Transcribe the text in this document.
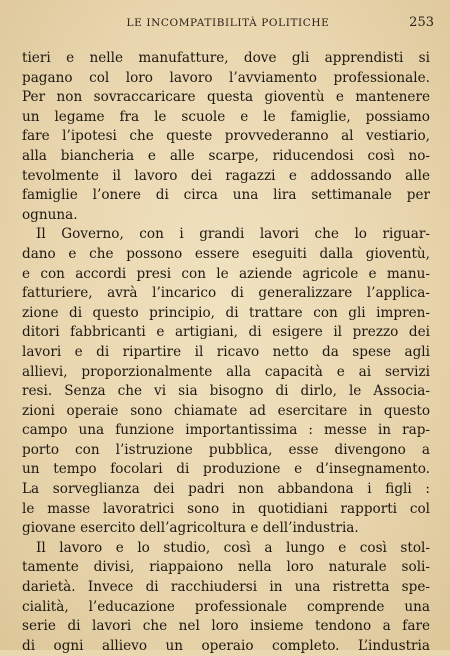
LE INCOMPATIBILITÀ POLITICHE	253
tieri e nelle manufatture, dove gli apprendisti si
pagano col loro lavoro l’avviamento professionale.
Per non sovraccaricare questa gioventù e mantenere
un legame fra le scuole e le famiglie, possiamo
fare l’ipotesi che queste provvederanno al vestiario,
alla biancheria e alle scarpe, riducendosi così no-
tevolmente il lavoro dei ragazzi e addossando alle
famiglie l’onere di circa una lira settimanale per
ognuna.
Il Governo, con i grandi lavori che lo riguar-
dano e che possono essere eseguiti dalla gioventù,
e con accordi presi con le aziende agricole e manu-
fatturiere, avrà l’incarico di generalizzare l’applica-
zione di questo principio, di trattare con gli impren-
ditori fabbricanti e artigiani, di esigere il prezzo dei
lavori e di ripartire il ricavo netto da spese agli
allievi, proporzionalmente alla capacità e ai servizi
resi. Senza che vi sia bisogno di dirlo, le Associa-
zioni operaie sono chiamate ad esercitare in questo
campo una funzione importantissima : messe in rap-
porto con l’istruzione pubblica, esse divengono a
un tempo focolari di produzione e d’insegnamento.
La sorveglianza dei padri non abbandona i figli :
le masse lavoratrici sono in quotidiani rapporti col
giovane esercito dell’agricoltura e dell’industria.
Il lavoro e lo studio, così a lungo e così stol-
tamente divisi, riappaiono nella loro naturale soli-
darietà. Invece di racchiudersi in una ristretta spe-
cialità, l’educazione professionale comprende una
serie di lavori che nel loro insieme tendono a fare
di ogni allievo un operaio completo. L’industria
